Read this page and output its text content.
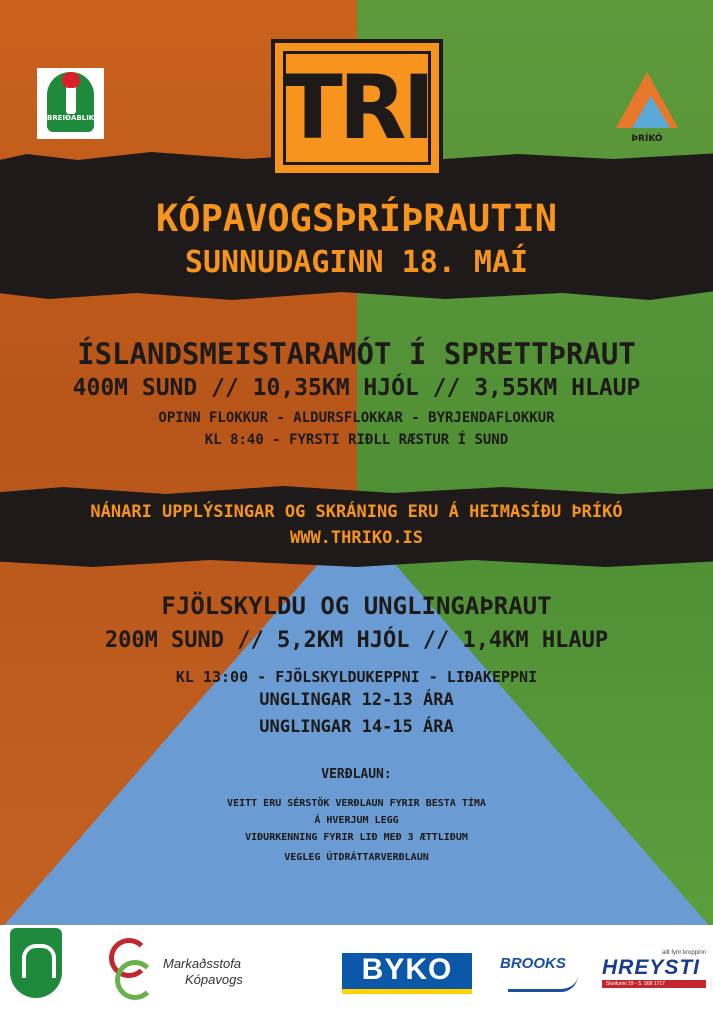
BREIÐABLIK TRI	ÞRÍKÓ
KÓPAVOGSÞRÍÞRAUTIN
SUNNUDAGINN 18. MAÍ
ÍSLANDSMEISTARAMÓT Í SPRETTÞRAUT
400M SUND // 10,35KM HJÓL // 3,55KM HLAUP
OPINN FLOKKUR - ALDURSFLOKKAR - BYRJENDAFLOKKUR
KL 8:40 - FYRSTI RIÐLL RÆSTUR Í SUND
NÁNARI UPPLÝSINGAR OG SKRÁNING ERU Á HEIMASÍÐU ÞRÍKÓ
WWW.THRIKO.IS
FJÖLSKYLDU OG UNGLINGAÞRAUT
200M SUND // 5,2KM HJÓL // 1,4KM HLAUP
KL 13:00 - FJÖLSKYLDUKEPPNI - LIÐAKEPPNI
UNGLINGAR 12-13 ÁRA
UNGLINGAR 14-15 ÁRA
VERÐLAUN:
VEITT ERU SÉRSTÖK VERÐLAUN FYRIR BESTA TÍMA
Á HVERJUM LEGG
VIÐURKENNING FYRIR LIÐ MEÐ 3 ÆTTLIÐUM
VEGLEG ÚTDRÁTTARVERÐLAUN
Markaðsstofa
Kópavogs	BYKO	BROOKS
allt fyrir kroppinn
HREYSTI
Skeifunni 19 - S. 568 1717
